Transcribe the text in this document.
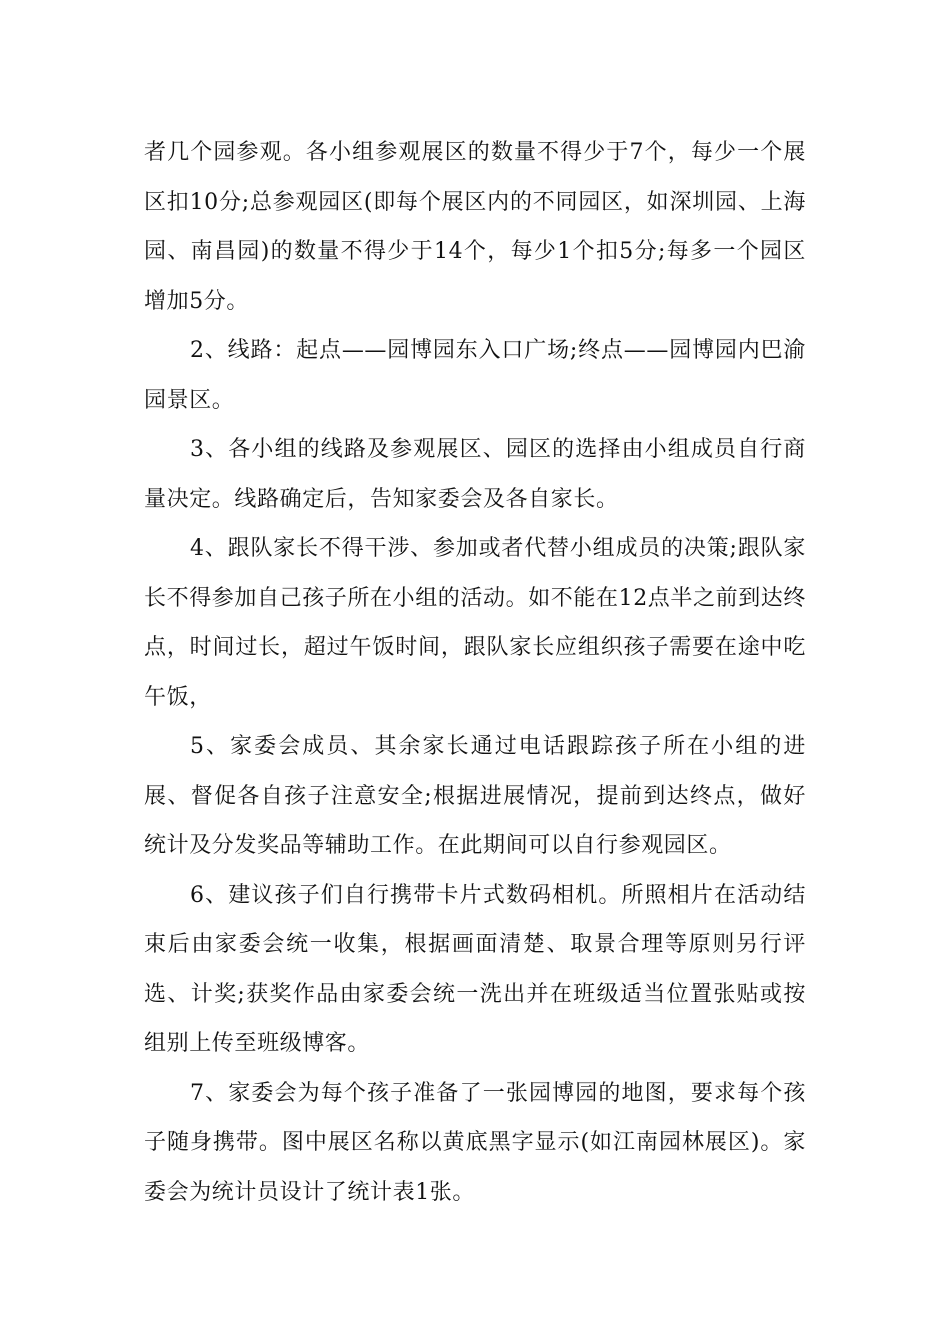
者几个园参观。各小组参观展区的数量不得少于7个，每少一个展区扣10分;总参观园区(即每个展区内的不同园区，如深圳园、上海园、南昌园)的数量不得少于14个，每少1个扣5分;每多一个园区增加5分。

2、线路：起点——园博园东入口广场;终点——园博园内巴渝园景区。

3、各小组的线路及参观展区、园区的选择由小组成员自行商量决定。线路确定后，告知家委会及各自家长。

4、跟队家长不得干涉、参加或者代替小组成员的决策;跟队家长不得参加自己孩子所在小组的活动。如不能在12点半之前到达终点，时间过长，超过午饭时间，跟队家长应组织孩子需要在途中吃午饭，

5、家委会成员、其余家长通过电话跟踪孩子所在小组的进展、督促各自孩子注意安全;根据进展情况，提前到达终点，做好统计及分发奖品等辅助工作。在此期间可以自行参观园区。

6、建议孩子们自行携带卡片式数码相机。所照相片在活动结束后由家委会统一收集，根据画面清楚、取景合理等原则另行评选、计奖;获奖作品由家委会统一洗出并在班级适当位置张贴或按组别上传至班级博客。

7、家委会为每个孩子准备了一张园博园的地图，要求每个孩子随身携带。图中展区名称以黄底黑字显示(如江南园林展区)。家委会为统计员设计了统计表1张。
